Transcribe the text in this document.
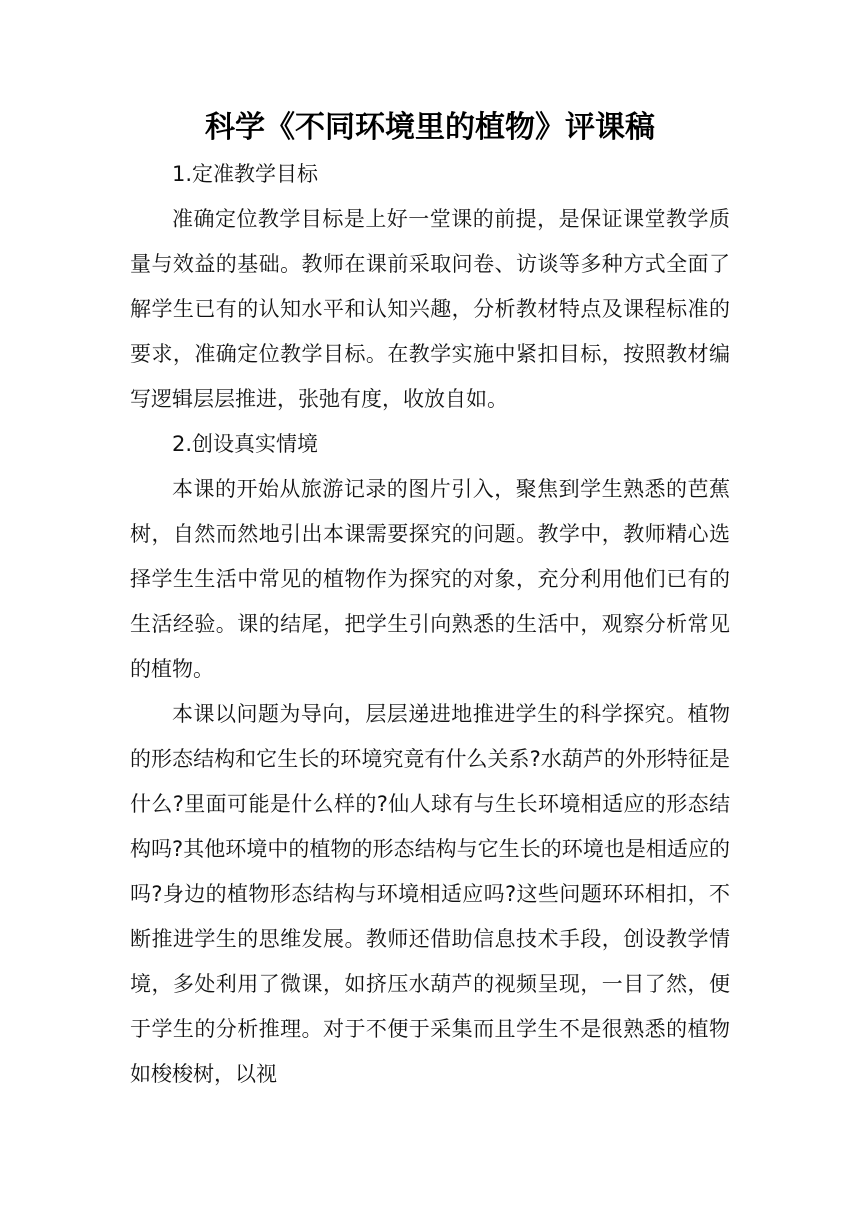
科学《不同环境里的植物》评课稿

1.定准教学目标

准确定位教学目标是上好一堂课的前提，是保证课堂教学质量与效益的基础。教师在课前采取问卷、访谈等多种方式全面了解学生已有的认知水平和认知兴趣，分析教材特点及课程标准的要求，准确定位教学目标。在教学实施中紧扣目标，按照教材编写逻辑层层推进，张弛有度，收放自如。

2.创设真实情境

本课的开始从旅游记录的图片引入，聚焦到学生熟悉的芭蕉树，自然而然地引出本课需要探究的问题。教学中，教师精心选择学生生活中常见的植物作为探究的对象，充分利用他们已有的生活经验。课的结尾，把学生引向熟悉的生活中，观察分析常见的植物。

本课以问题为导向，层层递进地推进学生的科学探究。植物的形态结构和它生长的环境究竟有什么关系?水葫芦的外形特征是什么?里面可能是什么样的?仙人球有与生长环境相适应的形态结构吗?其他环境中的植物的形态结构与它生长的环境也是相适应的吗?身边的植物形态结构与环境相适应吗?这些问题环环相扣，不断推进学生的思维发展。教师还借助信息技术手段，创设教学情境，多处利用了微课，如挤压水葫芦的视频呈现，一目了然，便于学生的分析推理。对于不便于采集而且学生不是很熟悉的植物如梭梭树，以视
